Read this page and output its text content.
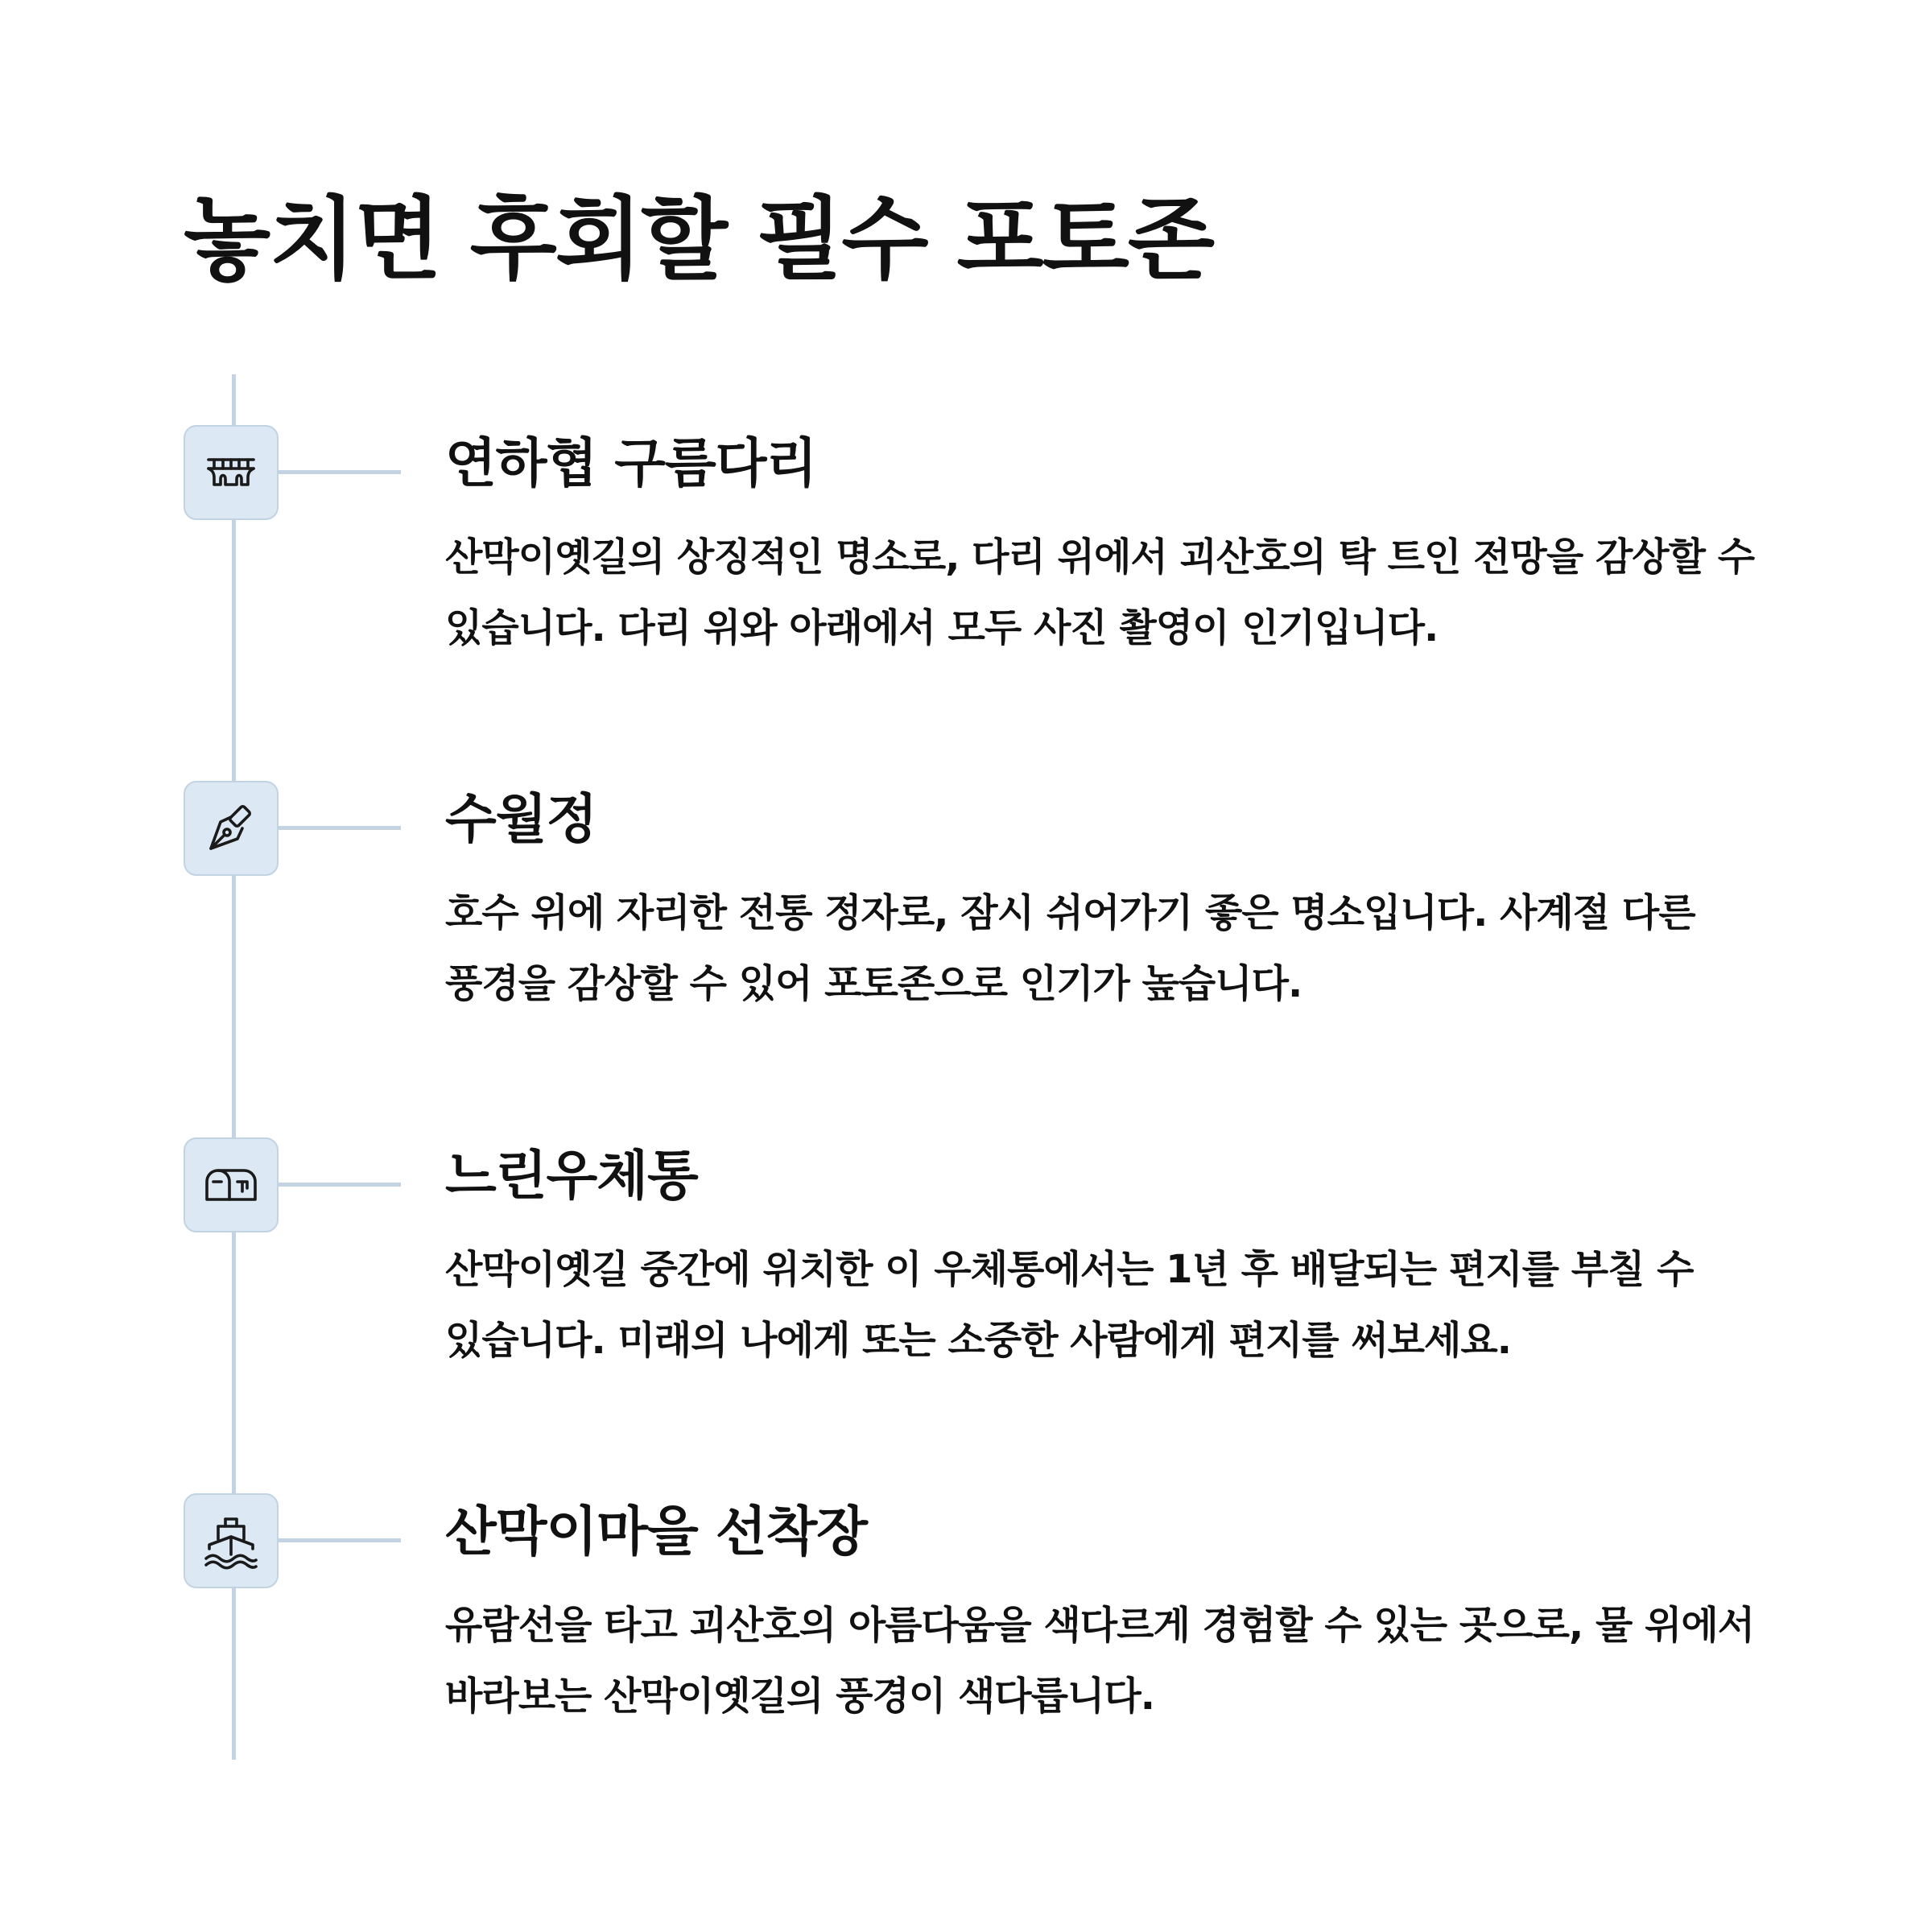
놓치면 후회할 필수 포토존
연하협 구름다리

산막이옛길의 상징적인 명소로, 다리 위에서 괴산호의 탁 트인 전망을 감상할 수 있습니다. 다리 위와 아래에서 모두 사진 촬영이 인기입니다.

수월정

호수 위에 자리한 전통 정자로, 잠시 쉬어가기 좋은 명소입니다. 사계절 다른 풍경을 감상할 수 있어 포토존으로 인기가 높습니다.

느린우체통

산막이옛길 중간에 위치한 이 우체통에서는 1년 후 배달되는 편지를 부칠 수 있습니다. 미래의 나에게 또는 소중한 사람에게 편지를 써보세요.

산막이마을 선착장

유람선을 타고 괴산호의 아름다움을 색다르게 경험할 수 있는 곳으로, 물 위에서 바라보는 산막이옛길의 풍경이 색다릅니다.
